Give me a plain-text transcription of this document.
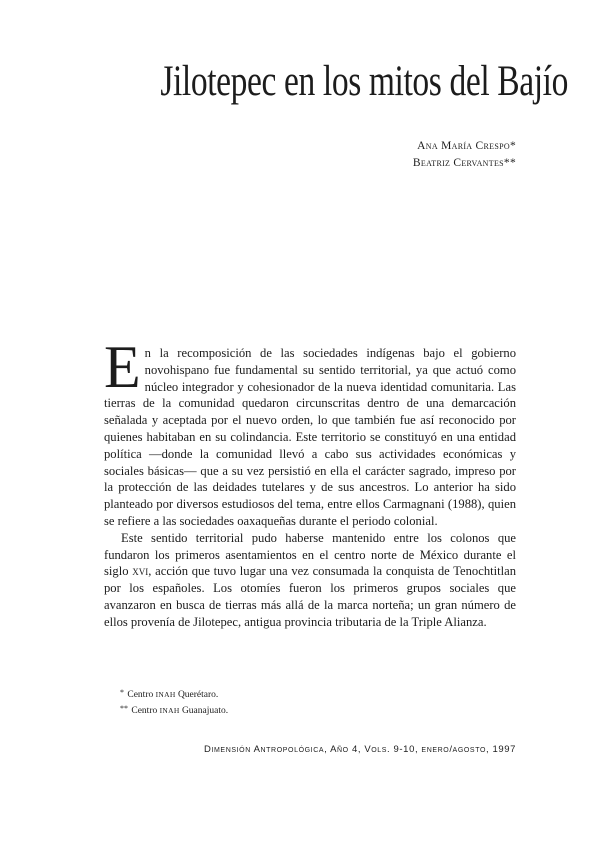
Jilotepec en los mitos del Bajío
Ana María Crespo*
Beatriz Cervantes**

En la recomposición de las sociedades indígenas bajo el gobierno novohispano fue fundamental su sentido territorial, ya que actuó como núcleo integrador y cohesionador de la nueva identidad comunitaria. Las tierras de la comunidad quedaron circunscritas dentro de una demarcación señalada y aceptada por el nuevo orden, lo que también fue así reconocido por quienes habitaban en su colindancia. Este territorio se constituyó en una entidad política —donde la comunidad llevó a cabo sus actividades económicas y sociales básicas— que a su vez persistió en ella el carácter sagrado, impreso por la protección de las deidades tutelares y de sus ancestros. Lo anterior ha sido planteado por diversos estudiosos del tema, entre ellos Carmagnani (1988), quien se refiere a las sociedades oaxaqueñas durante el periodo colonial.

Este sentido territorial pudo haberse mantenido entre los colonos que fundaron los primeros asentamientos en el centro norte de México durante el siglo xvi, acción que tuvo lugar una vez consumada la conquista de Tenochtitlan por los españoles. Los otomíes fueron los primeros grupos sociales que avanzaron en busca de tierras más allá de la marca norteña; un gran número de ellos provenía de Jilotepec, antigua provincia tributaria de la Triple Alianza.

* Centro INAH Querétaro.
** Centro INAH Guanajuato.
Dimensión Antropológica, Año 4, Vols. 9-10, enero/agosto, 1997
